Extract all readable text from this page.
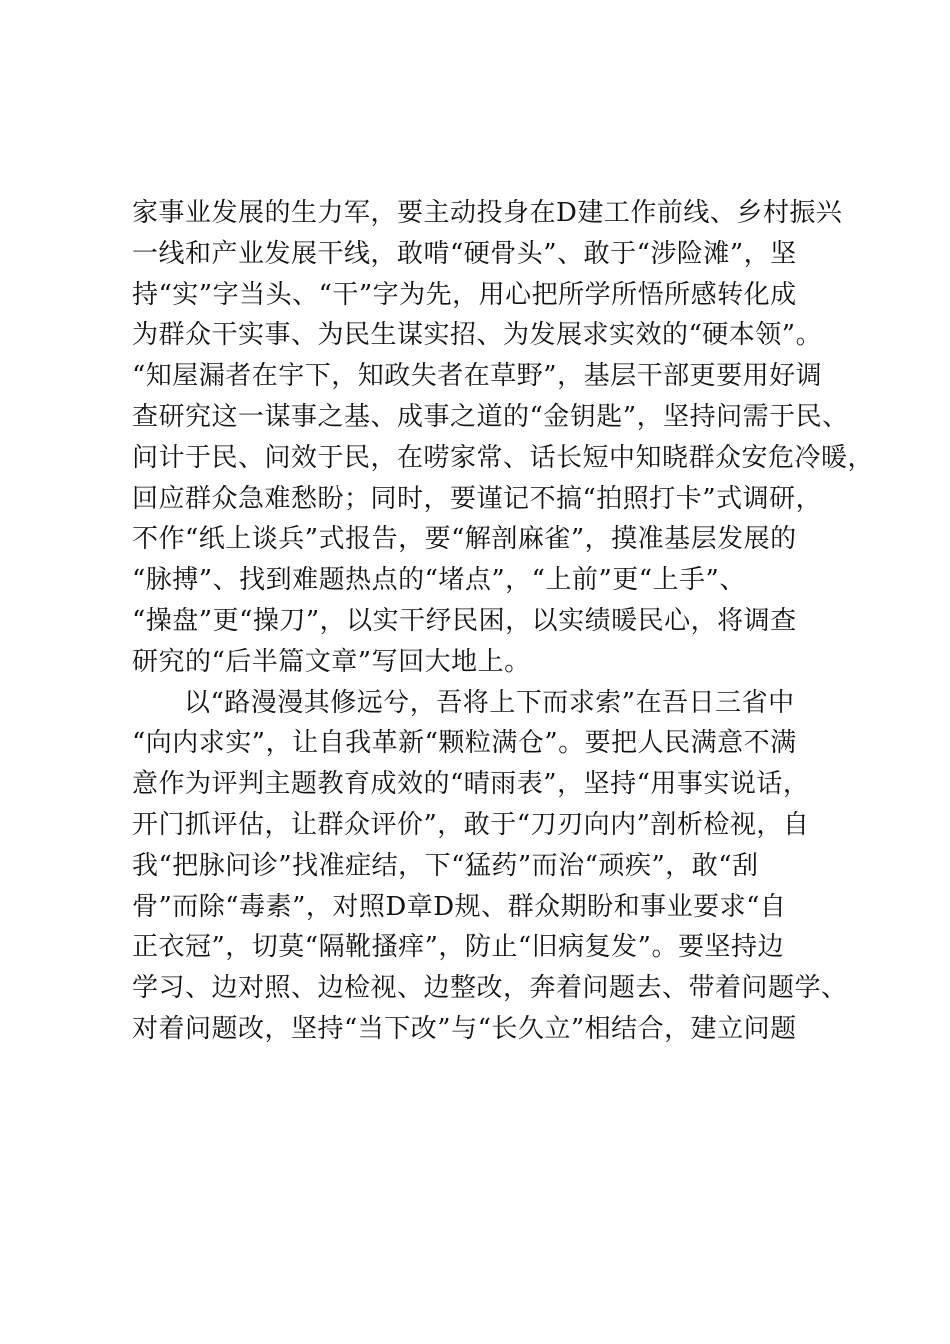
家事业发展的生力军，要主动投身在D建工作前线、乡村振兴
一线和产业发展干线，敢啃“硬骨头”、敢于“涉险滩”，坚
持“实”字当头、“干”字为先，用心把所学所悟所感转化成
为群众干实事、为民生谋实招、为发展求实效的“硬本领”。
“知屋漏者在宇下，知政失者在草野”，基层干部更要用好调
查研究这一谋事之基、成事之道的“金钥匙”，坚持问需于民、
问计于民、问效于民，在唠家常、话长短中知晓群众安危冷暖，
回应群众急难愁盼；同时，要谨记不搞“拍照打卡”式调研，
不作“纸上谈兵”式报告，要“解剖麻雀”，摸准基层发展的
“脉搏”、找到难题热点的“堵点”，“上前”更“上手”、
“操盘”更“操刀”，以实干纾民困，以实绩暖民心，将调查
研究的“后半篇文章”写回大地上。
以“路漫漫其修远兮，吾将上下而求索”在吾日三省中
“向内求实”，让自我革新“颗粒满仓”。要把人民满意不满
意作为评判主题教育成效的“晴雨表”，坚持“用事实说话，
开门抓评估，让群众评价”，敢于“刀刃向内”剖析检视，自
我“把脉问诊”找准症结，下“猛药”而治“顽疾”，敢“刮
骨”而除“毒素”，对照D章D规、群众期盼和事业要求“自
正衣冠”，切莫“隔靴搔痒”，防止“旧病复发”。要坚持边
学习、边对照、边检视、边整改，奔着问题去、带着问题学、
对着问题改，坚持“当下改”与“长久立”相结合，建立问题
